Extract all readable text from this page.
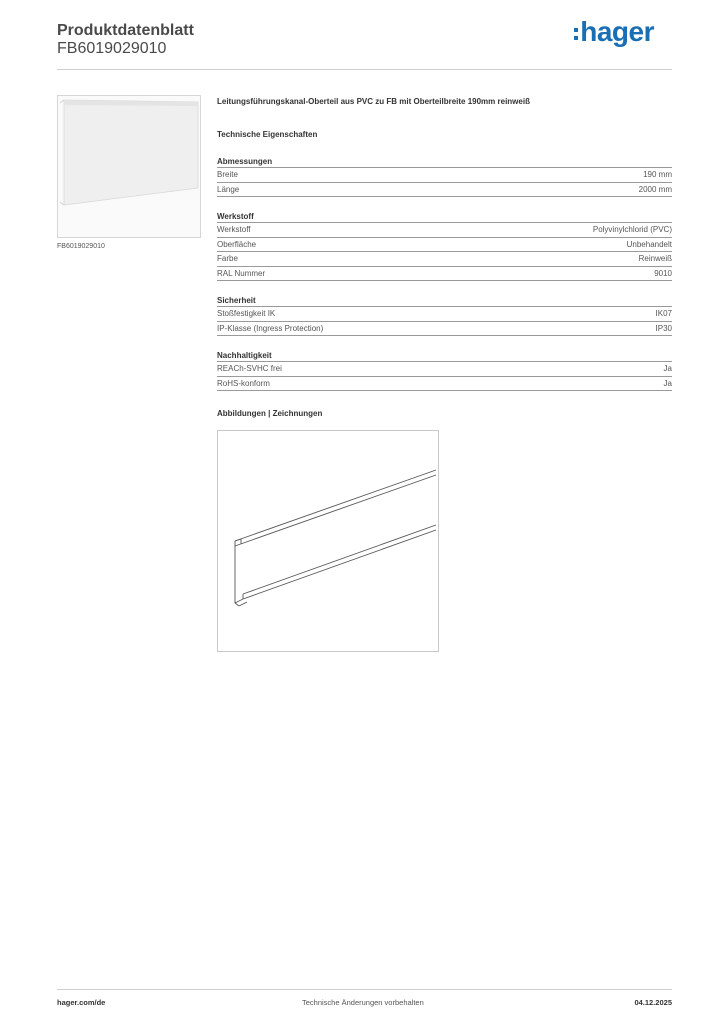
Produktdatenblatt
FB6019029010
hager
FB6019029010
Leitungsführungskanal-Oberteil aus PVC zu FB mit Oberteilbreite 190mm reinweiß
Technische Eigenschaften
Abmessungen
Breite	190 mm
Länge	2000 mm
Werkstoff
Werkstoff	Polyvinylchlorid (PVC)
Oberfläche	Unbehandelt
Farbe	Reinweiß
RAL Nummer	9010
Sicherheit
Stoßfestigkeit IK	IK07
IP-Klasse (Ingress Protection)	IP30
Nachhaltigkeit
REACh-SVHC frei	Ja
RoHS-konform	Ja
Abbildungen | Zeichnungen
hager.com/de	Technische Änderungen vorbehalten	04.12.2025
